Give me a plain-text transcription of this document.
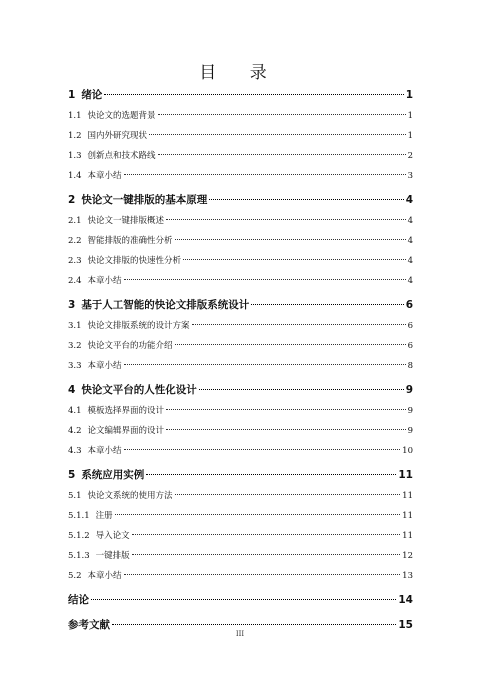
目 录
1 绪论	1
1.1 快论文的选题背景	1
1.2 国内外研究现状	1
1.3 创新点和技术路线	2
1.4 本章小结	3
2 快论文一键排版的基本原理	4
2.1 快论文一键排版概述	4
2.2 智能排版的准确性分析	4
2.3 快论文排版的快速性分析	4
2.4 本章小结	4
3 基于人工智能的快论文排版系统设计	6
3.1 快论文排版系统的设计方案	6
3.2 快论文平台的功能介绍	6
3.3 本章小结	8
4 快论文平台的人性化设计	9
4.1 模板选择界面的设计	9
4.2 论文编辑界面的设计	9
4.3 本章小结	10
5 系统应用实例	11
5.1 快论文系统的使用方法	11
5.1.1 注册	11
5.1.2 导入论文	11
5.1.3 一键排版	12
5.2 本章小结	13
结论	14
参考文献	15
III
